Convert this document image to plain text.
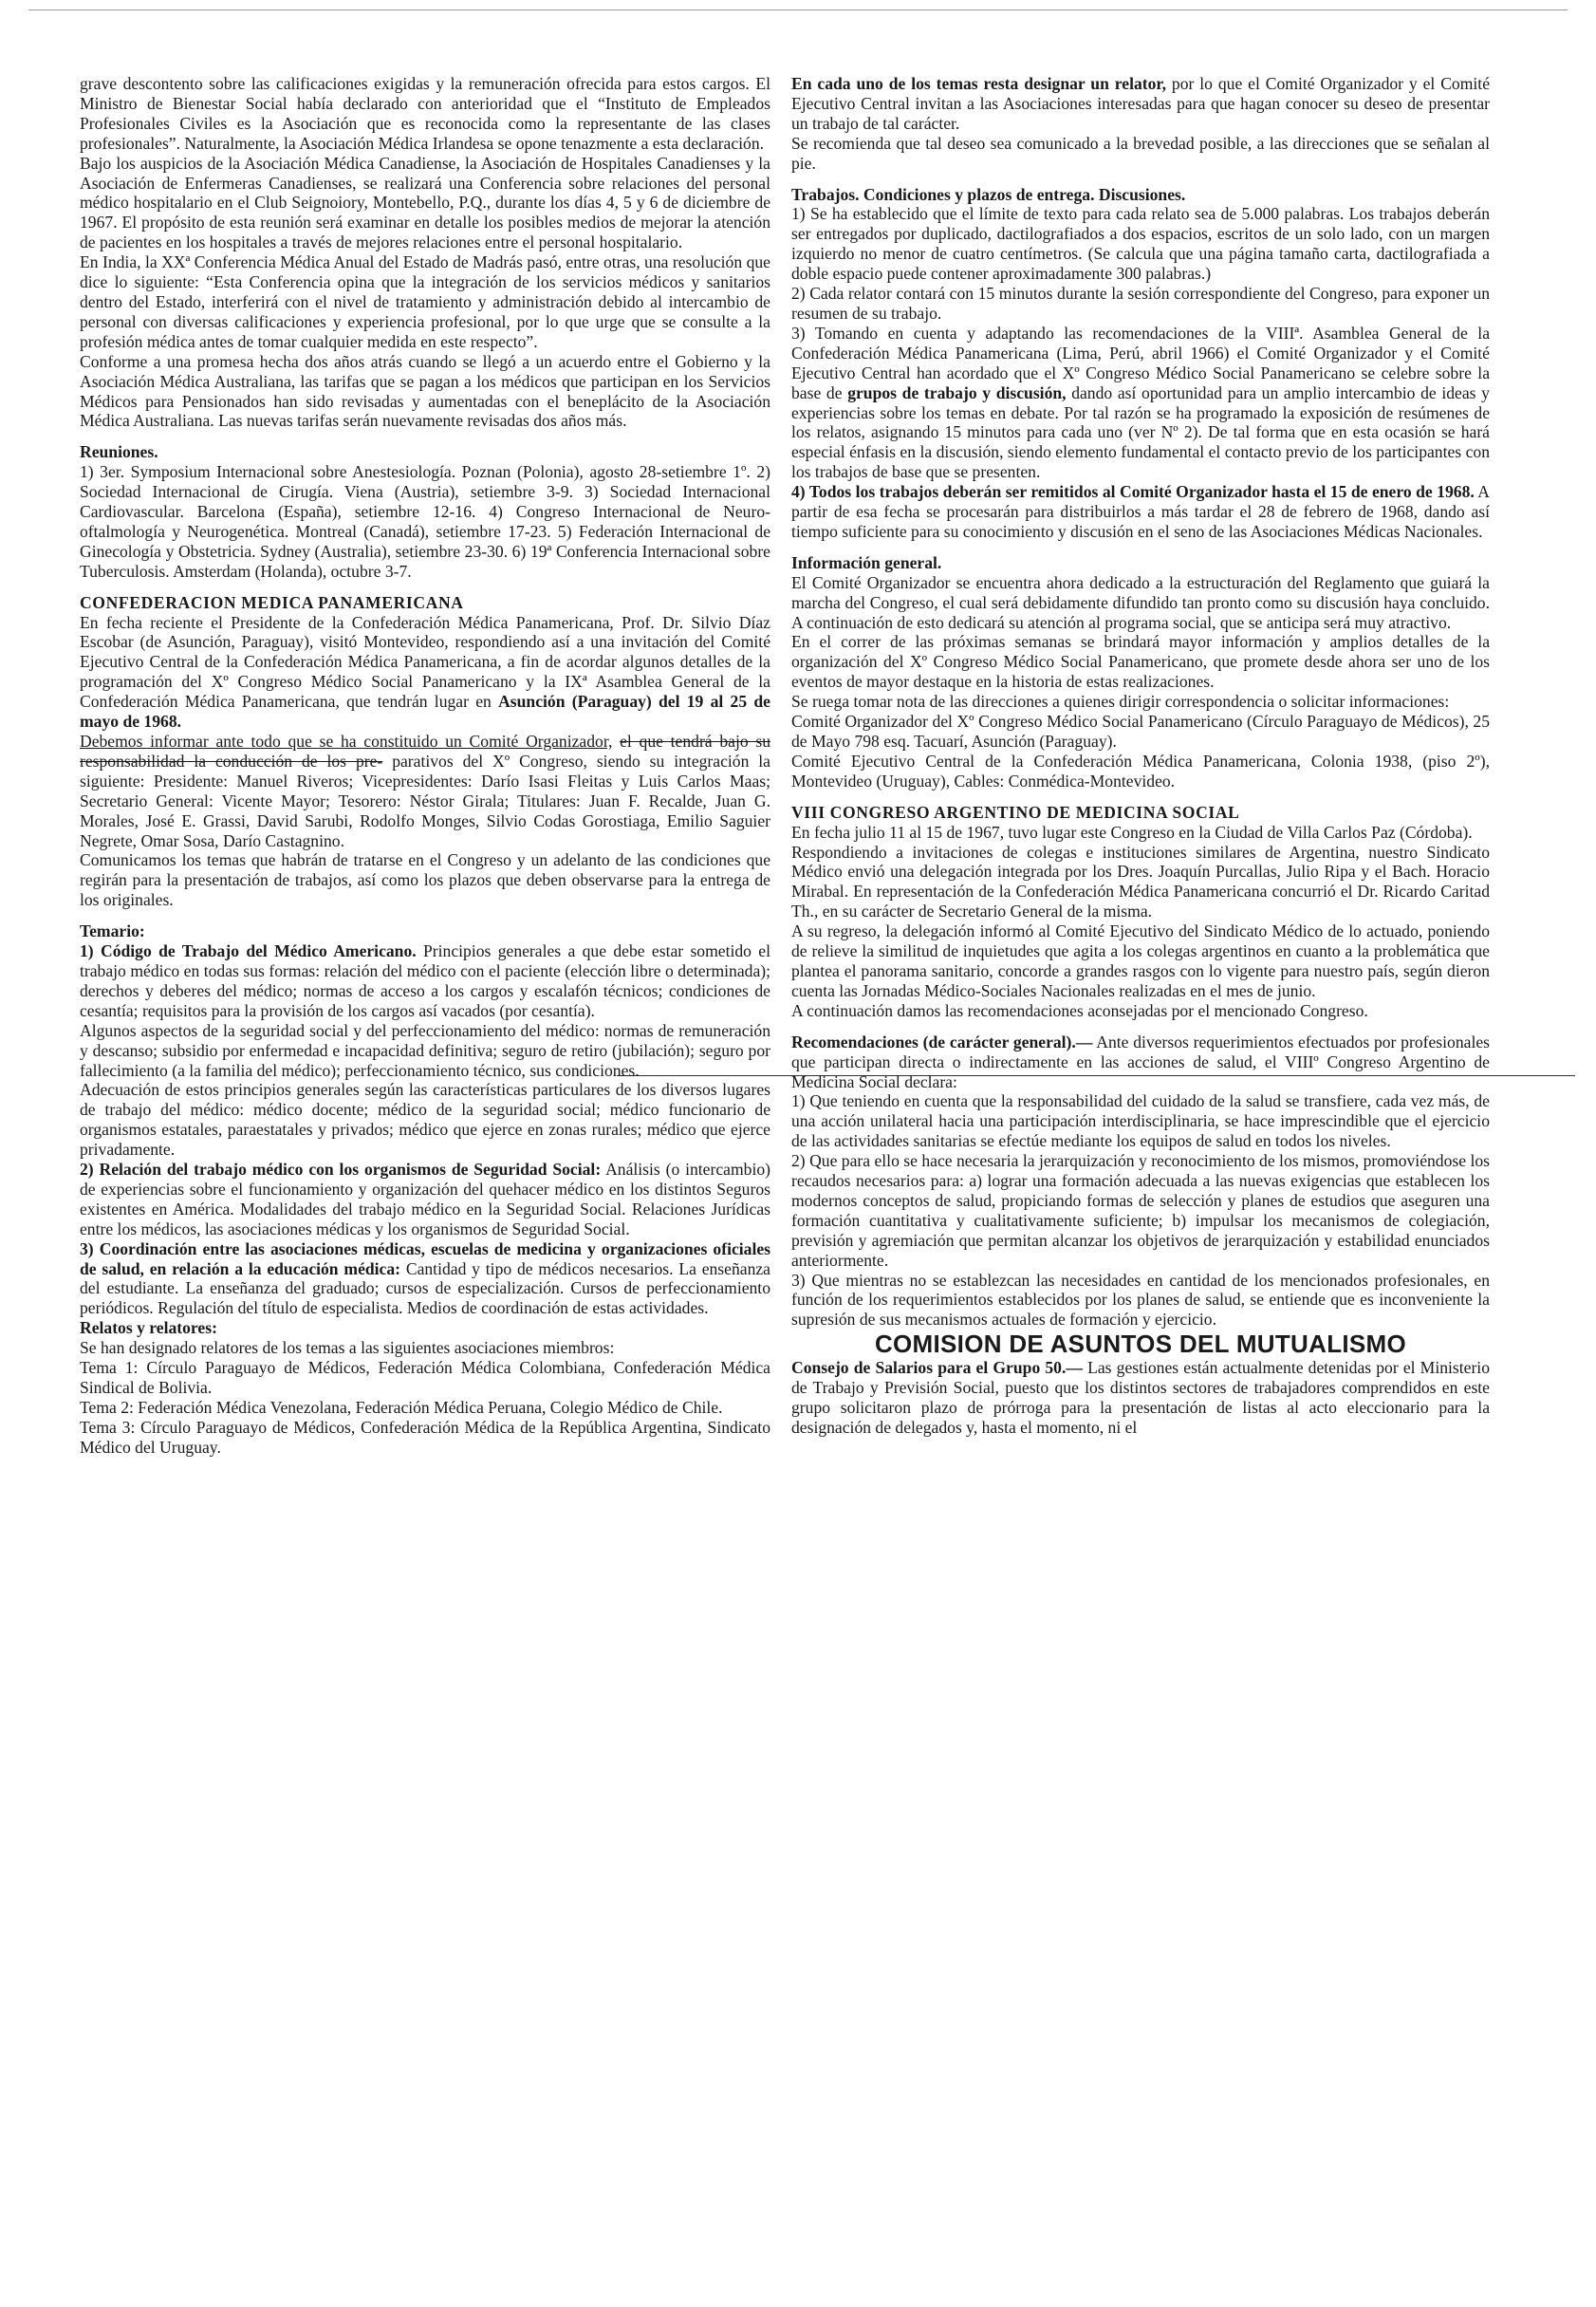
grave descontento sobre las calificaciones exigidas y la remuneración ofrecida para estos cargos. El Ministro de Bienestar Social había declarado con anterioridad que el “Instituto de Empleados Profesionales Civiles es la Asociación que es reconocida como la representante de las clases profesionales”. Naturalmente, la Asociación Médica Irlandesa se opone tenazmente a esta declaración.

Bajo los auspicios de la Asociación Médica Canadiense, la Asociación de Hospitales Canadienses y la Asociación de Enfermeras Canadienses, se realizará una Conferencia sobre relaciones del personal médico hospitalario en el Club Seignoiory, Montebello, P.Q., durante los días 4, 5 y 6 de diciembre de 1967. El propósito de esta reunión será examinar en detalle los posibles medios de mejorar la atención de pacientes en los hospitales a través de mejores relaciones entre el personal hospitalario.

En India, la XXª Conferencia Médica Anual del Estado de Madrás pasó, entre otras, una resolución que dice lo siguiente: “Esta Conferencia opina que la integración de los servicios médicos y sanitarios dentro del Estado, interferirá con el nivel de tratamiento y administración debido al intercambio de personal con diversas calificaciones y experiencia profesional, por lo que urge que se consulte a la profesión médica antes de tomar cualquier medida en este respecto”.

Conforme a una promesa hecha dos años atrás cuando se llegó a un acuerdo entre el Gobierno y la Asociación Médica Australiana, las tarifas que se pagan a los médicos que participan en los Servicios Médicos para Pensionados han sido revisadas y aumentadas con el beneplácito de la Asociación Médica Australiana. Las nuevas tarifas serán nuevamente revisadas dos años más.

Reuniones.

1) 3er. Symposium Internacional sobre Anestesiología. Poznan (Polonia), agosto 28-setiembre 1º. 2) Sociedad Internacional de Cirugía. Viena (Austria), setiembre 3-9. 3) Sociedad Internacional Cardiovascular. Barcelona (España), setiembre 12-16. 4) Congreso Internacional de Neuro-oftalmología y Neurogenética. Montreal (Canadá), setiembre 17-23. 5) Federación Internacional de Ginecología y Obstetricia. Sydney (Australia), setiembre 23-30. 6) 19ª Conferencia Internacional sobre Tuberculosis. Amsterdam (Holanda), octubre 3-7.

CONFEDERACION MEDICA PANAMERICANA

En fecha reciente el Presidente de la Confederación Médica Panamericana, Prof. Dr. Silvio Díaz Escobar (de Asunción, Paraguay), visitó Montevideo, respondiendo así a una invitación del Comité Ejecutivo Central de la Confederación Médica Panamericana, a fin de acordar algunos detalles de la programación del Xº Congreso Médico Social Panamericano y la IXª Asamblea General de la Confederación Médica Panamericana, que tendrán lugar en Asunción (Paraguay) del 19 al 25 de mayo de 1968.

Debemos informar ante todo que se ha constituido un Comité Organizador, el que tendrá bajo su responsabilidad la conducción de los pre- parativos del Xº Congreso, siendo su integración la siguiente: Presidente: Manuel Riveros; Vicepresidentes: Darío Isasi Fleitas y Luis Carlos Maas; Secretario General: Vicente Mayor; Tesorero: Néstor Girala; Titulares: Juan F. Recalde, Juan G. Morales, José E. Grassi, David Sarubi, Rodolfo Monges, Silvio Codas Gorostiaga, Emilio Saguier Negrete, Omar Sosa, Darío Castagnino.

Comunicamos los temas que habrán de tratarse en el Congreso y un adelanto de las condiciones que regirán para la presentación de trabajos, así como los plazos que deben observarse para la entrega de los originales.

Temario:

1) Código de Trabajo del Médico Americano. Principios generales a que debe estar sometido el trabajo médico en todas sus formas: relación del médico con el paciente (elección libre o determinada); derechos y deberes del médico; normas de acceso a los cargos y escalafón técnicos; condiciones de cesantía; requisitos para la provisión de los cargos así vacados (por cesantía).

Algunos aspectos de la seguridad social y del perfeccionamiento del médico: normas de remuneración y descanso; subsidio por enfermedad e incapacidad definitiva; seguro de retiro (jubilación); seguro por fallecimiento (a la familia del médico); perfeccionamiento técnico, sus condiciones.

Adecuación de estos principios generales según las características particulares de los diversos lugares de trabajo del médico: médico docente; médico de la seguridad social; médico funcionario de organismos estatales, paraestatales y privados; médico que ejerce en zonas rurales; médico que ejerce privadamente.

2) Relación del trabajo médico con los organismos de Seguridad Social: Análisis (o intercambio) de experiencias sobre el funcionamiento y organización del quehacer médico en los distintos Seguros existentes en América. Modalidades del trabajo médico en la Seguridad Social. Relaciones Jurídicas entre los médicos, las asociaciones médicas y los organismos de Seguridad Social.

3) Coordinación entre las asociaciones médicas, escuelas de medicina y organizaciones oficiales de salud, en relación a la educación médica: Cantidad y tipo de médicos necesarios. La enseñanza del estudiante. La enseñanza del graduado; cursos de especialización. Cursos de perfeccionamiento periódicos. Regulación del título de especialista. Medios de coordinación de estas actividades.

Relatos y relatores:

Se han designado relatores de los temas a las siguientes asociaciones miembros:

Tema 1: Círculo Paraguayo de Médicos, Federación Médica Colombiana, Confederación Médica Sindical de Bolivia.

Tema 2: Federación Médica Venezolana, Federación Médica Peruana, Colegio Médico de Chile.

Tema 3: Círculo Paraguayo de Médicos, Confederación Médica de la República Argentina, Sindicato Médico del Uruguay.

En cada uno de los temas resta designar un relator, por lo que el Comité Organizador y el Comité Ejecutivo Central invitan a las Asociaciones interesadas para que hagan conocer su deseo de presentar un trabajo de tal carácter.

Se recomienda que tal deseo sea comunicado a la brevedad posible, a las direcciones que se señalan al pie.

Trabajos. Condiciones y plazos de entrega. Discusiones.

1) Se ha establecido que el límite de texto para cada relato sea de 5.000 palabras. Los trabajos deberán ser entregados por duplicado, dactilografiados a dos espacios, escritos de un solo lado, con un margen izquierdo no menor de cuatro centímetros. (Se calcula que una página tamaño carta, dactilografiada a doble espacio puede contener aproximadamente 300 palabras.)

2) Cada relator contará con 15 minutos durante la sesión correspondiente del Congreso, para exponer un resumen de su trabajo.

3) Tomando en cuenta y adaptando las recomendaciones de la VIIIª. Asamblea General de la Confederación Médica Panamericana (Lima, Perú, abril 1966) el Comité Organizador y el Comité Ejecutivo Central han acordado que el Xº Congreso Médico Social Panamericano se celebre sobre la base de grupos de trabajo y discusión, dando así oportunidad para un amplio intercambio de ideas y experiencias sobre los temas en debate. Por tal razón se ha programado la exposición de resúmenes de los relatos, asignando 15 minutos para cada uno (ver Nº 2). De tal forma que en esta ocasión se hará especial énfasis en la discusión, siendo elemento fundamental el contacto previo de los participantes con los trabajos de base que se presenten.

4) Todos los trabajos deberán ser remitidos al Comité Organizador hasta el 15 de enero de 1968. A partir de esa fecha se procesarán para distribuirlos a más tardar el 28 de febrero de 1968, dando así tiempo suficiente para su conocimiento y discusión en el seno de las Asociaciones Médicas Nacionales.

Información general.

El Comité Organizador se encuentra ahora dedicado a la estructuración del Reglamento que guiará la marcha del Congreso, el cual será debidamente difundido tan pronto como su discusión haya concluido. A continuación de esto dedicará su atención al programa social, que se anticipa será muy atractivo.

En el correr de las próximas semanas se brindará mayor información y amplios detalles de la organización del Xº Congreso Médico Social Panamericano, que promete desde ahora ser uno de los eventos de mayor destaque en la historia de estas realizaciones.

Se ruega tomar nota de las direcciones a quienes dirigir correspondencia o solicitar informaciones:

Comité Organizador del Xº Congreso Médico Social Panamericano (Círculo Paraguayo de Médicos), 25 de Mayo 798 esq. Tacuarí, Asunción (Paraguay).

Comité Ejecutivo Central de la Confederación Médica Panamericana, Colonia 1938, (piso 2º), Montevideo (Uruguay), Cables: Conmédica-Montevideo.

VIII CONGRESO ARGENTINO DE MEDICINA SOCIAL

En fecha julio 11 al 15 de 1967, tuvo lugar este Congreso en la Ciudad de Villa Carlos Paz (Córdoba).

Respondiendo a invitaciones de colegas e instituciones similares de Argentina, nuestro Sindicato Médico envió una delegación integrada por los Dres. Joaquín Purcallas, Julio Ripa y el Bach. Horacio Mirabal. En representación de la Confederación Médica Panamericana concurrió el Dr. Ricardo Caritad Th., en su carácter de Secretario General de la misma.

A su regreso, la delegación informó al Comité Ejecutivo del Sindicato Médico de lo actuado, poniendo de relieve la similitud de inquietudes que agita a los colegas argentinos en cuanto a la problemática que plantea el panorama sanitario, concorde a grandes rasgos con lo vigente para nuestro país, según dieron cuenta las Jornadas Médico-Sociales Nacionales realizadas en el mes de junio.

A continuación damos las recomendaciones aconsejadas por el mencionado Congreso.

Recomendaciones (de carácter general).— Ante diversos requerimientos efectuados por profesionales que participan directa o indirectamente en las acciones de salud, el VIIIº Congreso Argentino de Medicina Social declara:

1) Que teniendo en cuenta que la responsabilidad del cuidado de la salud se transfiere, cada vez más, de una acción unilateral hacia una participación interdisciplinaria, se hace imprescindible que el ejercicio de las actividades sanitarias se efectúe mediante los equipos de salud en todos los niveles.

2) Que para ello se hace necesaria la jerarquización y reconocimiento de los mismos, promoviéndose los recaudos necesarios para: a) lograr una formación adecuada a las nuevas exigencias que establecen los modernos conceptos de salud, propiciando formas de selección y planes de estudios que aseguren una formación cuantitativa y cualitativamente suficiente; b) impulsar los mecanismos de colegiación, previsión y agremiación que permitan alcanzar los objetivos de jerarquización y estabilidad enunciados anteriormente.

3) Que mientras no se establezcan las necesidades en cantidad de los mencionados profesionales, en función de los requerimientos establecidos por los planes de salud, se entiende que es inconveniente la supresión de sus mecanismos actuales de formación y ejercicio.

COMISION DE ASUNTOS DEL MUTUALISMO

Consejo de Salarios para el Grupo 50.— Las gestiones están actualmente detenidas por el Ministerio de Trabajo y Previsión Social, puesto que los distintos sectores de trabajadores comprendidos en este grupo solicitaron plazo de prórroga para la presentación de listas al acto eleccionario para la designación de delegados y, hasta el momento, ni el
